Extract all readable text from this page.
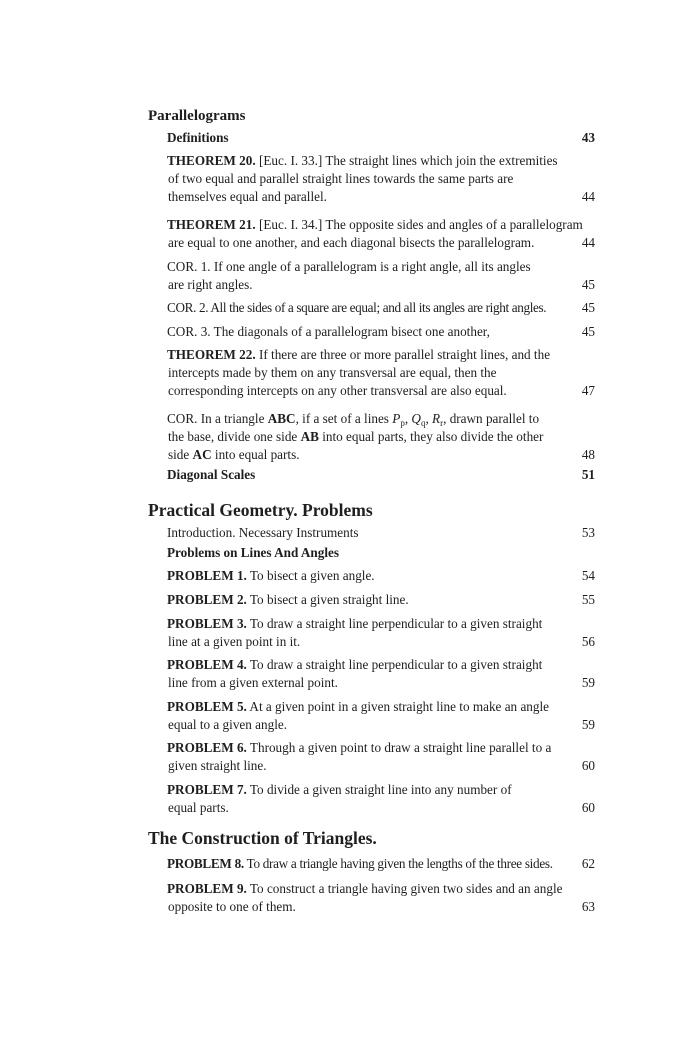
Parallelograms
Definitions	43
THEOREM 20. [Euc. I. 33.] The straight lines which join the extremities
of two equal and parallel straight lines towards the same parts are
themselves equal and parallel.	44
THEOREM 21. [Euc. I. 34.] The opposite sides and angles of a parallelogram
are equal to one another, and each diagonal bisects the parallelogram.	44
COR. 1. If one angle of a parallelogram is a right angle, all its angles
are right angles.	45
COR. 2. All the sides of a square are equal; and all its angles are right angles.	45
COR. 3. The diagonals of a parallelogram bisect one another,	45
THEOREM 22. If there are three or more parallel straight lines, and the
intercepts made by them on any transversal are equal, then the
corresponding intercepts on any other transversal are also equal.	47
COR. In a triangle ABC, if a set of a lines $P_p$, $Q_q$, $R_r$, drawn parallel to
the base, divide one side AB into equal parts, they also divide the other
side AC into equal parts.	48
Diagonal Scales	51
Practical Geometry. Problems
Introduction. Necessary Instruments	53
Problems on Lines And Angles
PROBLEM 1. To bisect a given angle.	54
PROBLEM 2. To bisect a given straight line.	55
PROBLEM 3. To draw a straight line perpendicular to a given straight
line at a given point in it.	56
PROBLEM 4. To draw a straight line perpendicular to a given straight
line from a given external point.	59
PROBLEM 5. At a given point in a given straight line to make an angle
equal to a given angle.	59
PROBLEM 6. Through a given point to draw a straight line parallel to a
given straight line.	60
PROBLEM 7. To divide a given straight line into any number of
equal parts.	60
The Construction of Triangles.
PROBLEM 8. To draw a triangle having given the lengths of the three sides.	62
PROBLEM 9. To construct a triangle having given two sides and an angle
opposite to one of them.	63
